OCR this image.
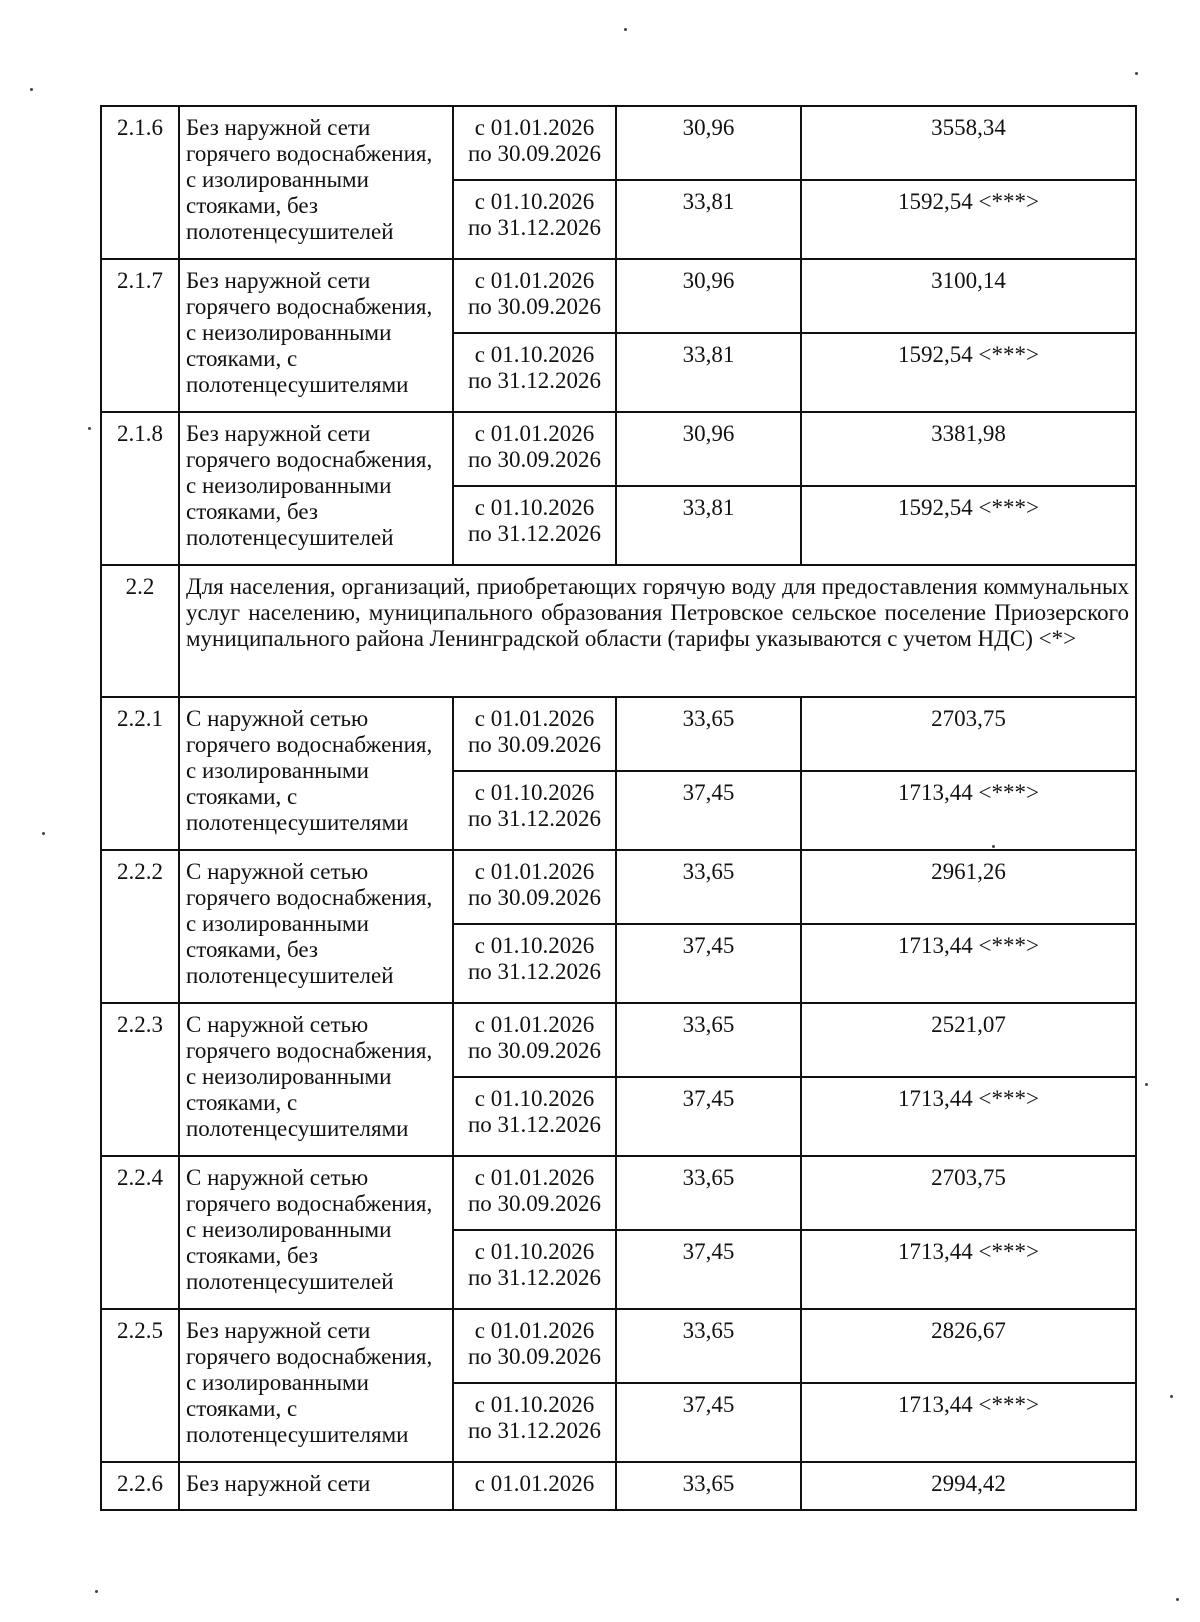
2.1.6	Без наружной сети горячего водоснабжения, с изолированными стояками, без полотенцесушителей	с 01.01.2026 по 30.09.2026	30,96	3558,34
		с 01.10.2026 по 31.12.2026	33,81	1592,54 <***>
2.1.7	Без наружной сети горячего водоснабжения, с неизолированными стояками, с полотенцесушителями	с 01.01.2026 по 30.09.2026	30,96	3100,14
		с 01.10.2026 по 31.12.2026	33,81	1592,54 <***>
2.1.8	Без наружной сети горячего водоснабжения, с неизолированными стояками, без полотенцесушителей	с 01.01.2026 по 30.09.2026	30,96	3381,98
		с 01.10.2026 по 31.12.2026	33,81	1592,54 <***>
2.2	Для населения, организаций, приобретающих горячую воду для предоставления коммунальных услуг населению, муниципального образования Петровское сельское поселение Приозерского муниципального района Ленинградской области (тарифы указываются с учетом НДС) <*>			
2.2.1	С наружной сетью горячего водоснабжения, с изолированными стояками, с полотенцесушителями	с 01.01.2026 по 30.09.2026	33,65	2703,75
		с 01.10.2026 по 31.12.2026	37,45	1713,44 <***>
2.2.2	С наружной сетью горячего водоснабжения, с изолированными стояками, без полотенцесушителей	с 01.01.2026 по 30.09.2026	33,65	2961,26
		с 01.10.2026 по 31.12.2026	37,45	1713,44 <***>
2.2.3	С наружной сетью горячего водоснабжения, с неизолированными стояками, с полотенцесушителями	с 01.01.2026 по 30.09.2026	33,65	2521,07
		с 01.10.2026 по 31.12.2026	37,45	1713,44 <***>
2.2.4	С наружной сетью горячего водоснабжения, с неизолированными стояками, без полотенцесушителей	с 01.01.2026 по 30.09.2026	33,65	2703,75
		с 01.10.2026 по 31.12.2026	37,45	1713,44 <***>
2.2.5	Без наружной сети горячего водоснабжения, с изолированными стояками, с полотенцесушителями	с 01.01.2026 по 30.09.2026	33,65	2826,67
		с 01.10.2026 по 31.12.2026	37,45	1713,44 <***>
2.2.6	Без наружной сети	с 01.01.2026	33,65	2994,42
